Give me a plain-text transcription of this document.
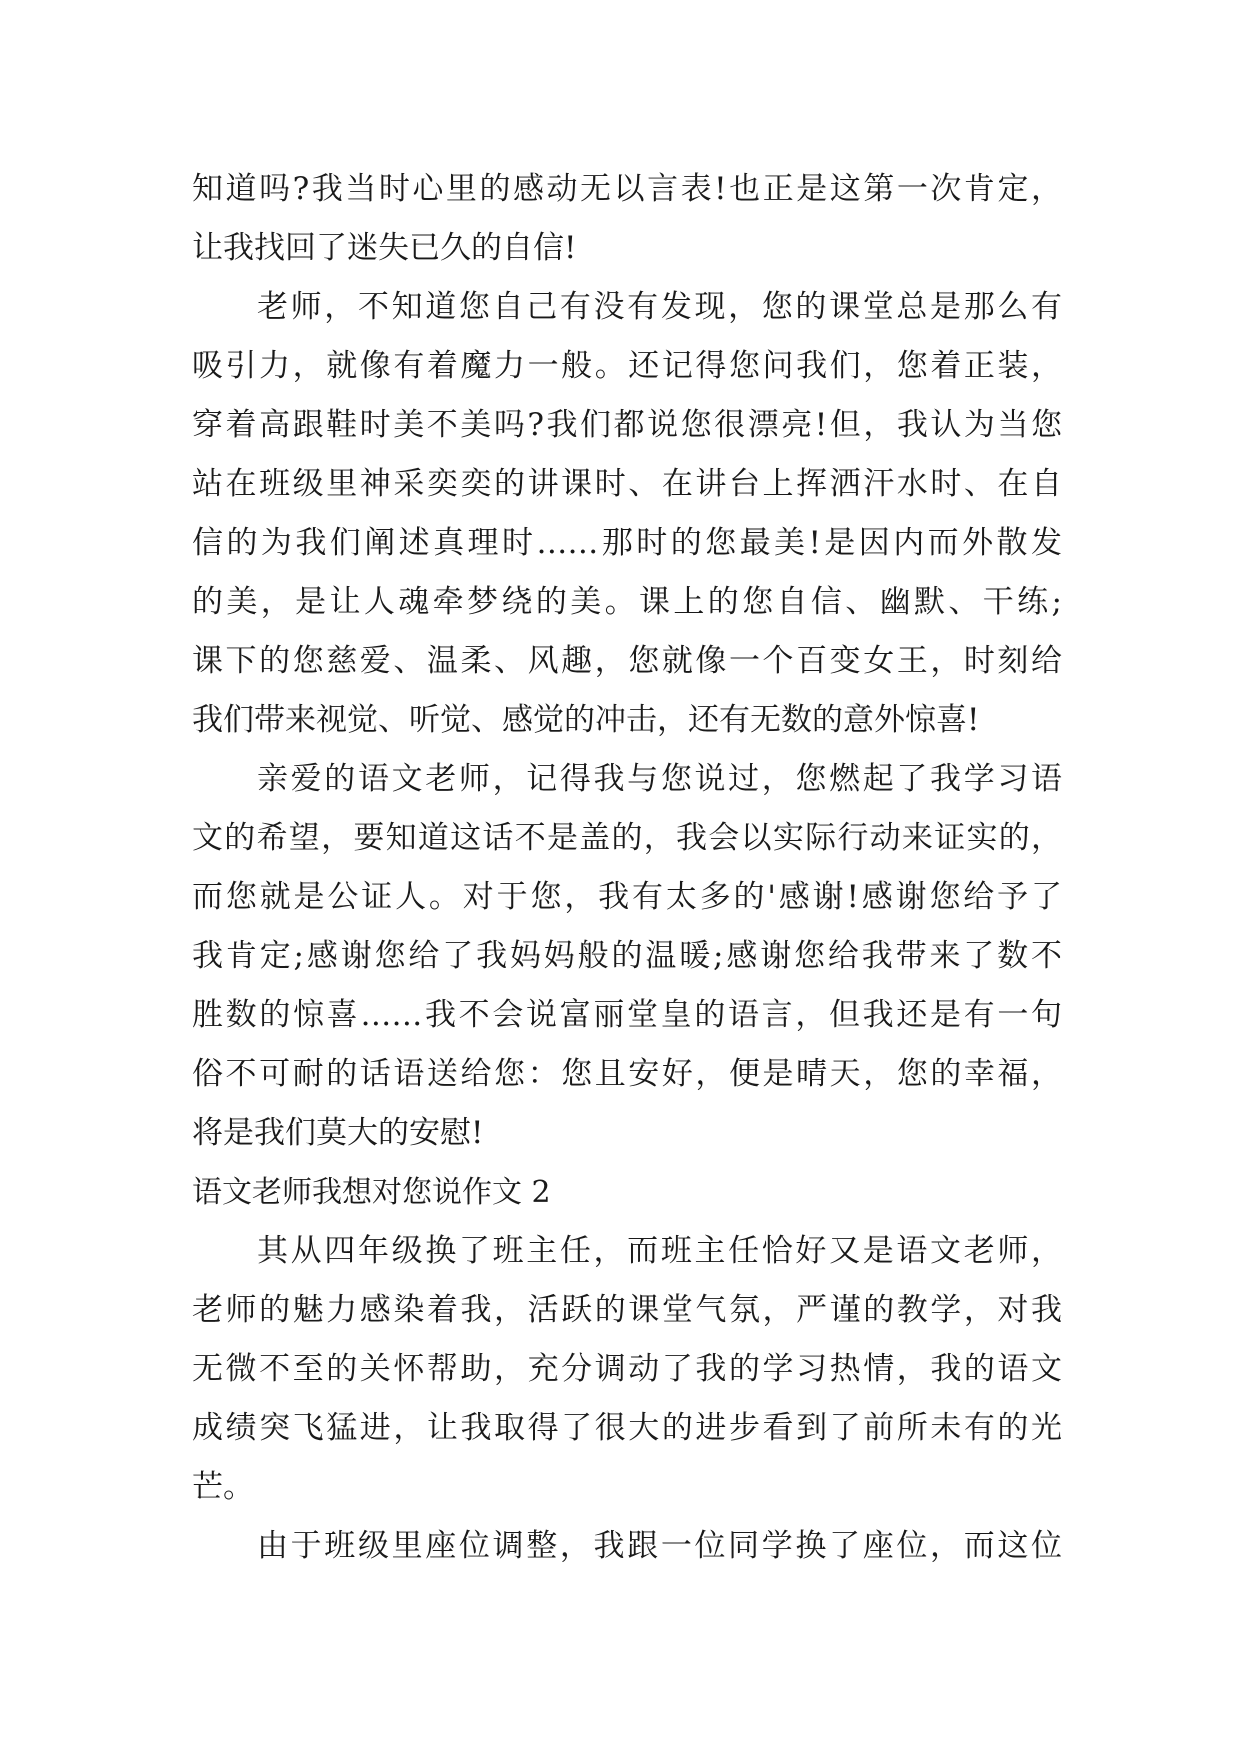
知道吗?我当时心里的感动无以言表!也正是这第一次肯定，
让我找回了迷失已久的自信!
老师，不知道您自己有没有发现，您的课堂总是那么有
吸引力，就像有着魔力一般。还记得您问我们，您着正装，
穿着高跟鞋时美不美吗?我们都说您很漂亮!但，我认为当您
站在班级里神采奕奕的讲课时、在讲台上挥洒汗水时、在自
信的为我们阐述真理时……那时的您最美!是因内而外散发
的美，是让人魂牵梦绕的美。课上的您自信、幽默、干练;
课下的您慈爱、温柔、风趣，您就像一个百变女王，时刻给
我们带来视觉、听觉、感觉的冲击，还有无数的意外惊喜!
亲爱的语文老师，记得我与您说过，您燃起了我学习语
文的希望，要知道这话不是盖的，我会以实际行动来证实的，
而您就是公证人。对于您，我有太多的'感谢!感谢您给予了
我肯定;感谢您给了我妈妈般的温暖;感谢您给我带来了数不
胜数的惊喜……我不会说富丽堂皇的语言，但我还是有一句
俗不可耐的话语送给您：您且安好，便是晴天，您的幸福，
将是我们莫大的安慰!
语文老师我想对您说作文 2
其从四年级换了班主任，而班主任恰好又是语文老师，
老师的魅力感染着我，活跃的课堂气氛，严谨的教学，对我
无微不至的关怀帮助，充分调动了我的学习热情，我的语文
成绩突飞猛进，让我取得了很大的进步看到了前所未有的光
芒。
由于班级里座位调整，我跟一位同学换了座位，而这位
